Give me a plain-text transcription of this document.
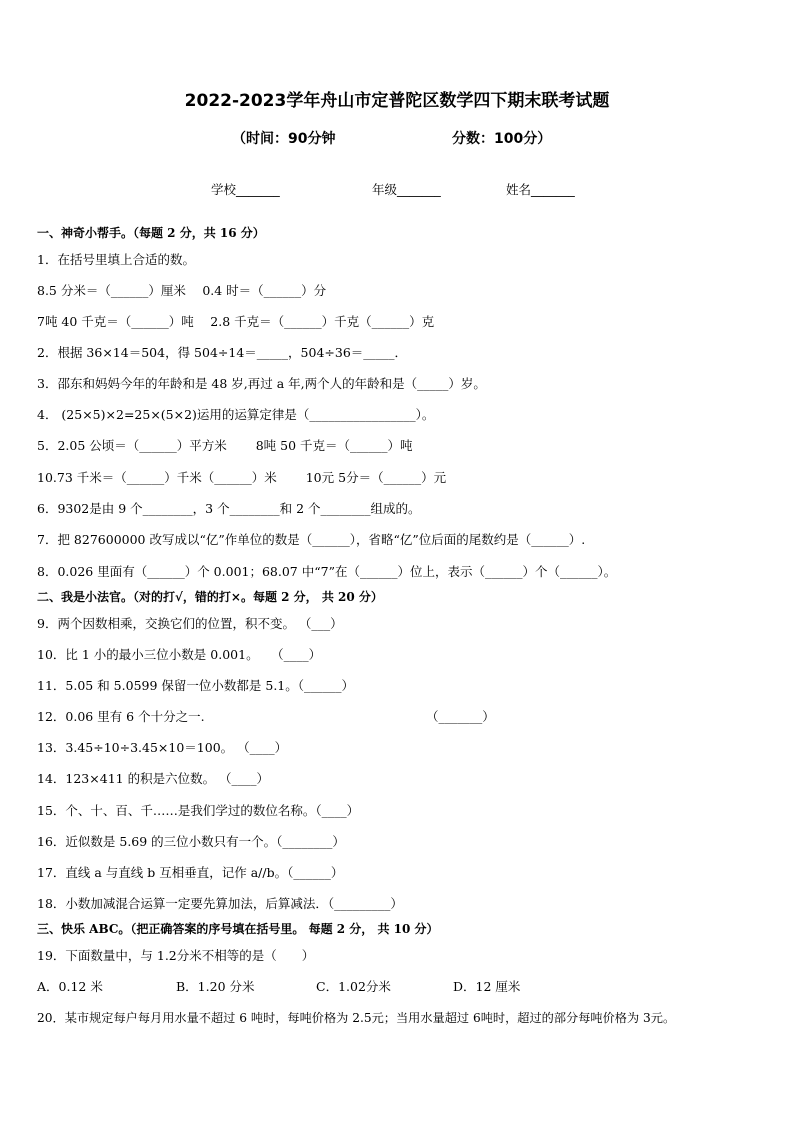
2022-2023学年舟山市定普陀区数学四下期末联考试题
（时间：90分钟	分数：100分）
学校_______	年级_______	姓名_______
一、神奇小帮手。（每题 2 分，共 16 分）
1．在括号里填上合适的数。
8.5 分米＝（______）厘米　 0.4 时＝（______）分
7吨 40 千克＝（______）吨　 2.8 千克＝（______）千克（______）克
2．根据 36×14＝504，得 504÷14＝_____，504÷36＝_____．
3．邵东和妈妈今年的年龄和是 48 岁,再过 a 年,两个人的年龄和是（_____）岁。
4． (25×5)×2=25×(5×2)运用的运算定律是（_________________）。
5．2.05 公顷＝（______）平方米　　 8吨 50 千克＝（______）吨
10.73 千米＝（______）千米（______）米　　 10元 5分＝（______）元
6．9302是由 9 个________，3 个________和 2 个________组成的。
7．把 827600000 改写成以“亿”作单位的数是（______），省略“亿”位后面的尾数约是（______）.
8．0.026 里面有（______）个 0.001；68.07 中“7”在（______）位上，表示（______）个（______）。
二、我是小法官。（对的打√，错的打×。每题 2 分， 共 20 分）
9．两个因数相乘，交换它们的位置，积不变。 （___）
10．比 1 小的最小三位小数是 0.001。　　（____）
11．5.05 和 5.0599 保留一位小数都是 5.1。（______）
12．0.06 里有 6 个十分之一.	（_______）
13．3.45÷10÷3.45×10＝100。 （____）
14．123×411 的积是六位数。 （____）
15．个、十、百、千……是我们学过的数位名称。（____）
16．近似数是 5.69 的三位小数只有一个。（________）
17．直线 a 与直线 b 互相垂直，记作 a//b。（______）
18．小数加减混合运算一定要先算加法，后算减法．（_________）
三、快乐 ABC。（把正确答案的序号填在括号里。 每题 2 分， 共 10 分）
19．下面数量中，与 1.2分米不相等的是（　　）
A．0.12 米	B．1.20 分米	C．1.02分米	D．12 厘米
20．某市规定每户每月用水量不超过 6 吨时，每吨价格为 2.5元；当用水量超过 6吨时，超过的部分每吨价格为 3元。
